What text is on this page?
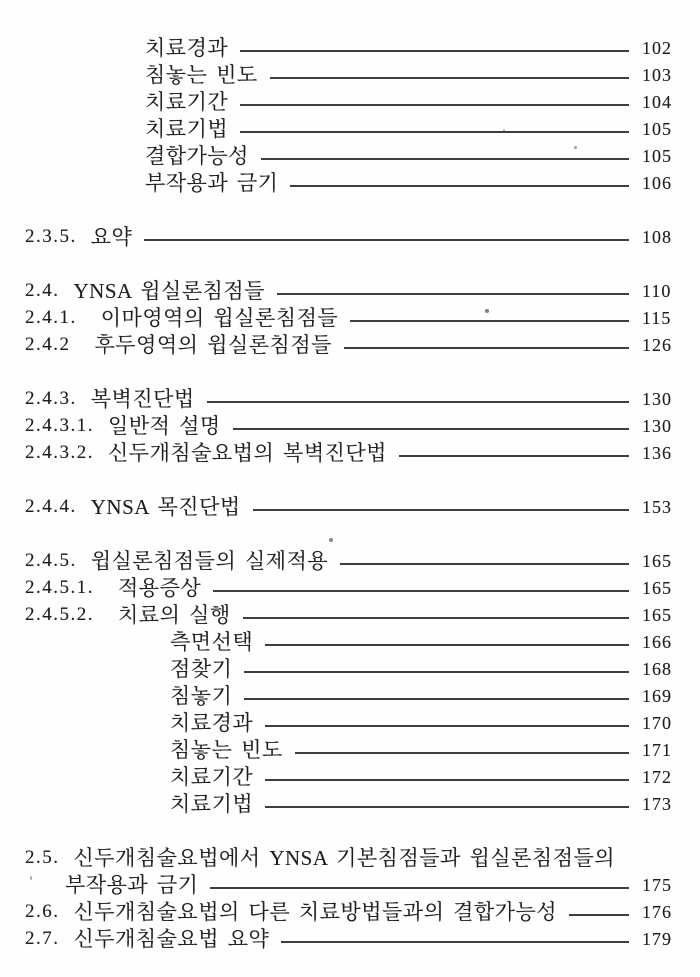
치료경과	102
침놓는 빈도	103
치료기간	104
치료기법	105
결합가능성	105
부작용과 금기	106
2.3.5. 요약	108
2.4. YNSA 윕실론침점들	110
2.4.1. 이마영역의 윕실론침점들	115
2.4.2 후두영역의 윕실론침점들	126
2.4.3. 복벽진단법	130
2.4.3.1. 일반적 설명	130
2.4.3.2. 신두개침술요법의 복벽진단법	136
2.4.4. YNSA 목진단법	153
2.4.5. 윕실론침점들의 실제적용	165
2.4.5.1. 적용증상	165
2.4.5.2. 치료의 실행	165
측면선택	166
점찾기	168
침놓기	169
치료경과	170
침놓는 빈도	171
치료기간	172
치료기법	173
2.5. 신두개침술요법에서 YNSA 기본침점들과 윕실론침점들의
부작용과 금기	175
2.6. 신두개침술요법의 다른 치료방법들과의 결합가능성	176
2.7. 신두개침술요법 요약	179
